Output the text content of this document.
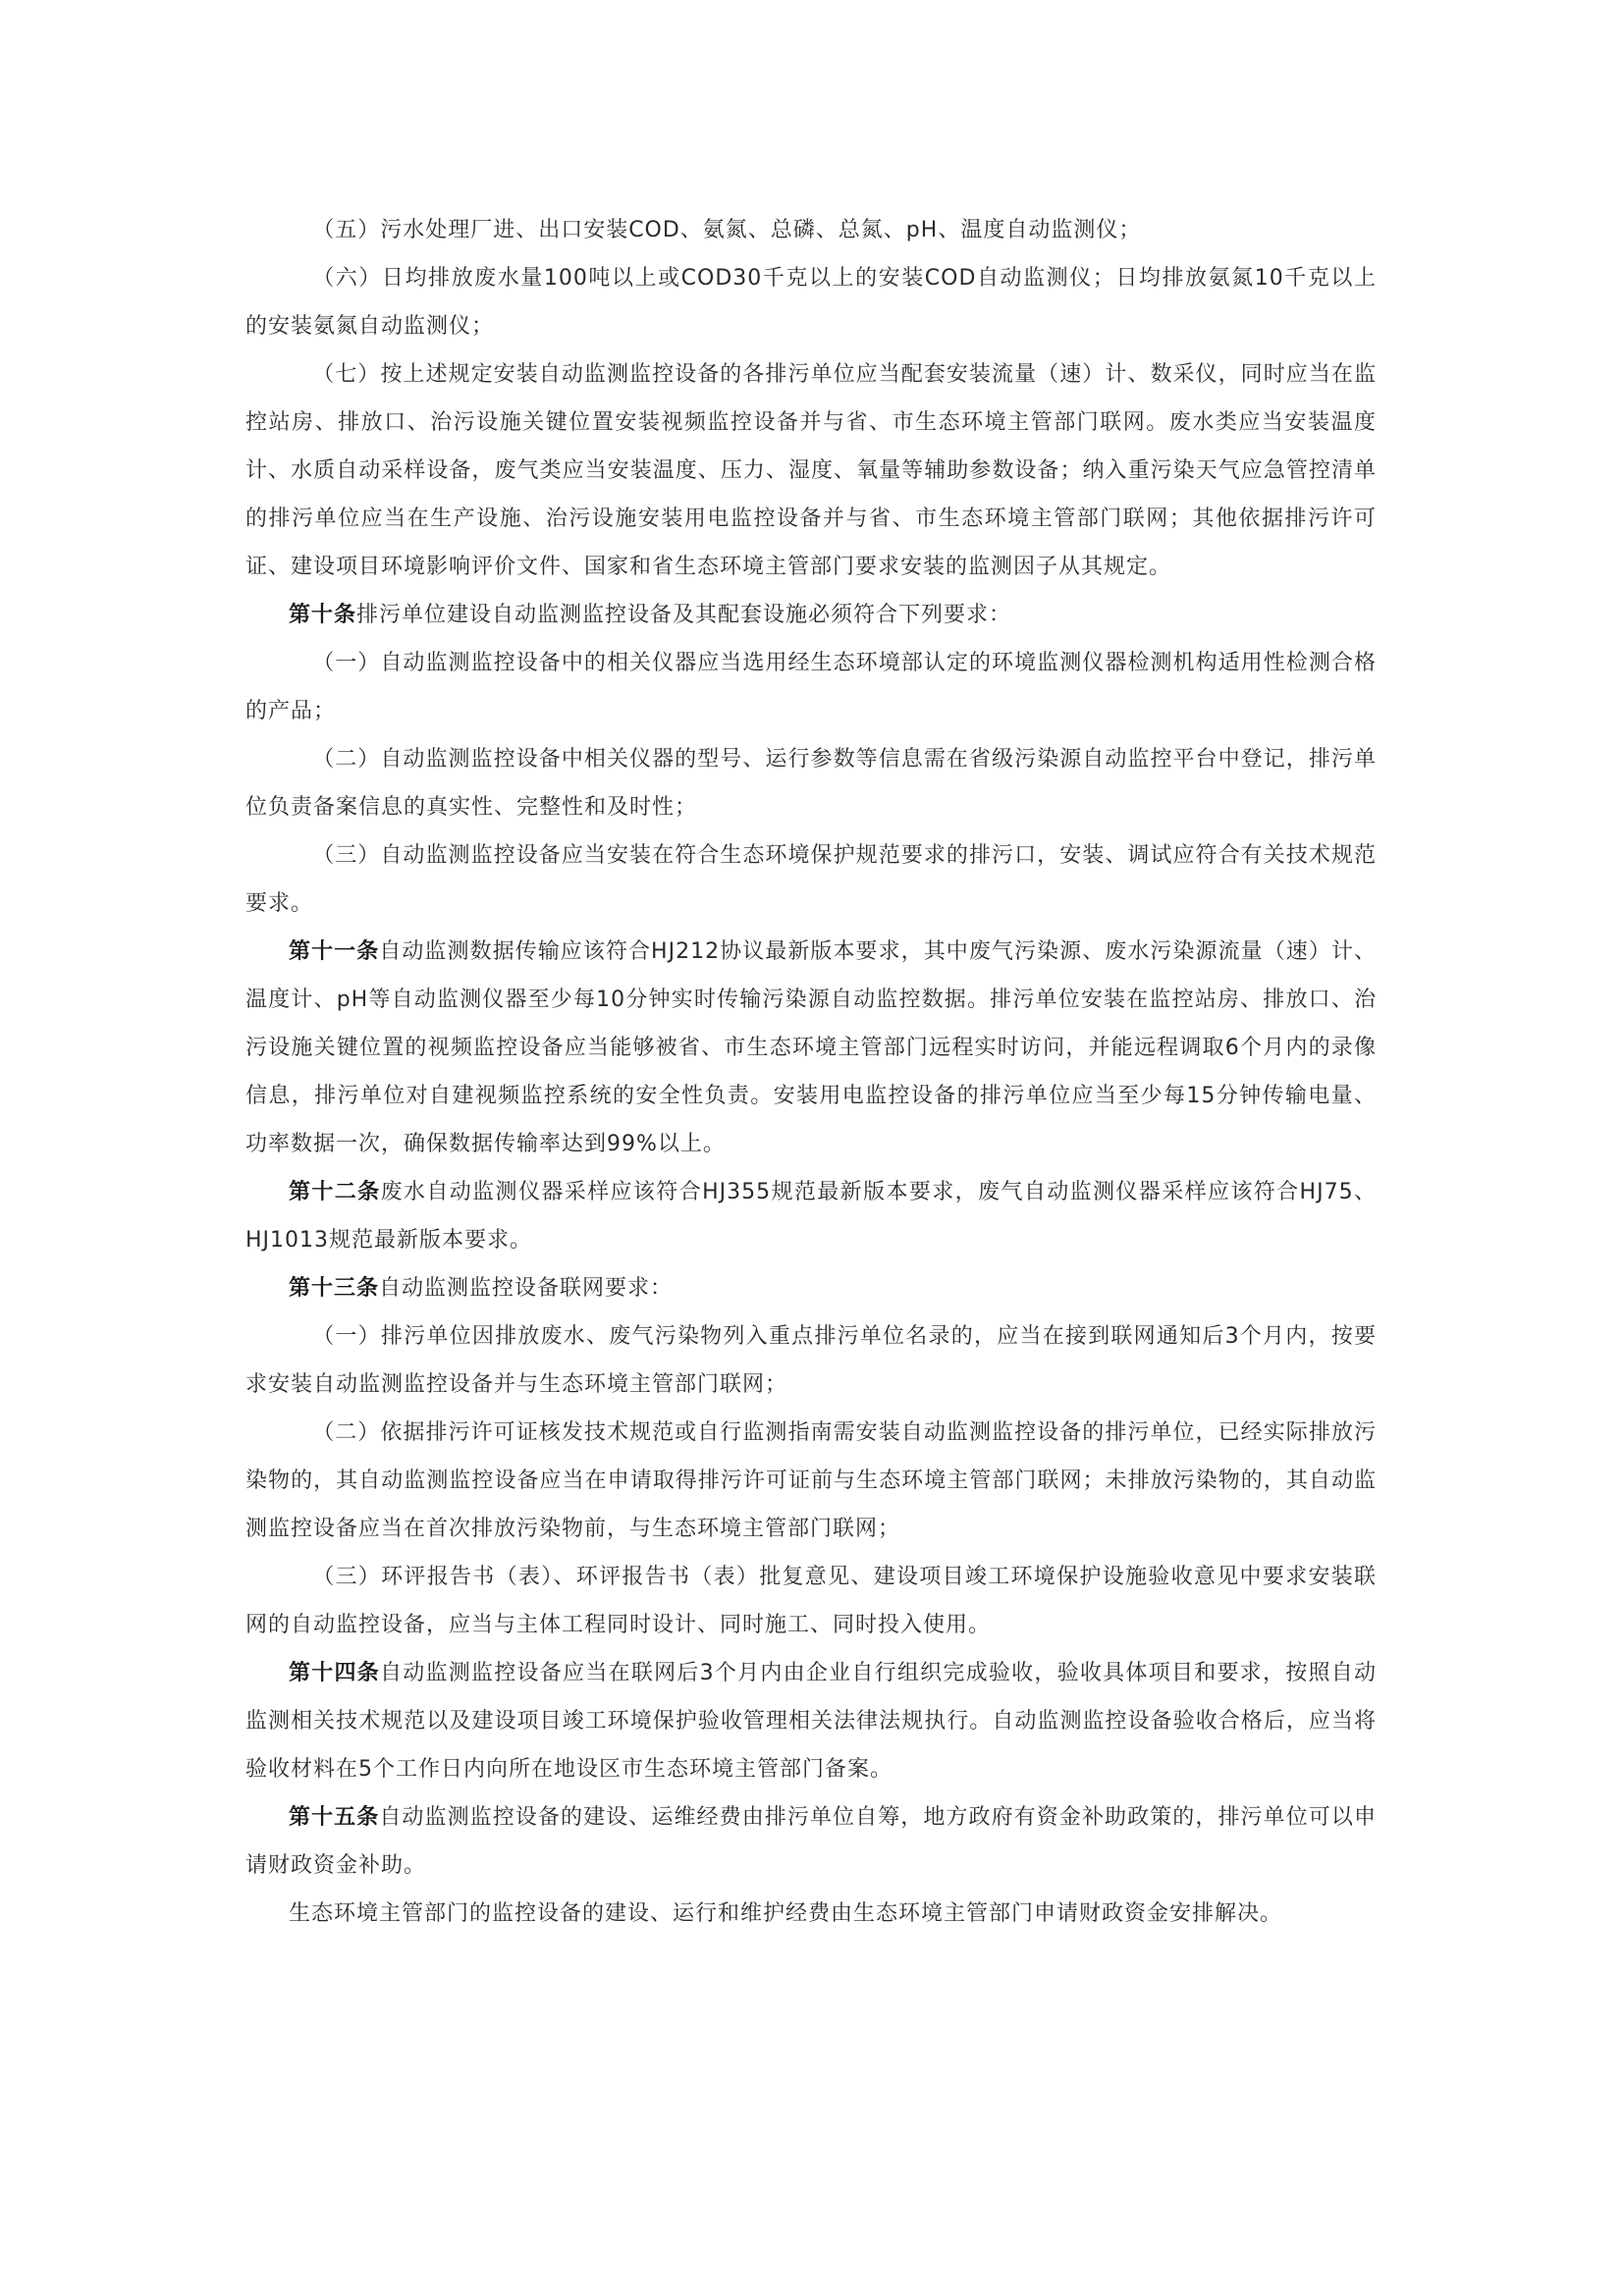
（五）污水处理厂进、出口安装COD、氨氮、总磷、总氮、pH、温度自动监测仪；

（六）日均排放废水量100吨以上或COD30千克以上的安装COD自动监测仪；日均排放氨氮10千克以上的安装氨氮自动监测仪；

（七）按上述规定安装自动监测监控设备的各排污单位应当配套安装流量（速）计、数采仪，同时应当在监控站房、排放口、治污设施关键位置安装视频监控设备并与省、市生态环境主管部门联网。废水类应当安装温度计、水质自动采样设备，废气类应当安装温度、压力、湿度、氧量等辅助参数设备；纳入重污染天气应急管控清单的排污单位应当在生产设施、治污设施安装用电监控设备并与省、市生态环境主管部门联网；其他依据排污许可证、建设项目环境影响评价文件、国家和省生态环境主管部门要求安装的监测因子从其规定。

第十条排污单位建设自动监测监控设备及其配套设施必须符合下列要求：

（一）自动监测监控设备中的相关仪器应当选用经生态环境部认定的环境监测仪器检测机构适用性检测合格的产品；

（二）自动监测监控设备中相关仪器的型号、运行参数等信息需在省级污染源自动监控平台中登记，排污单位负责备案信息的真实性、完整性和及时性；

（三）自动监测监控设备应当安装在符合生态环境保护规范要求的排污口，安装、调试应符合有关技术规范要求。

第十一条自动监测数据传输应该符合HJ212协议最新版本要求，其中废气污染源、废水污染源流量（速）计、温度计、pH等自动监测仪器至少每10分钟实时传输污染源自动监控数据。排污单位安装在监控站房、排放口、治污设施关键位置的视频监控设备应当能够被省、市生态环境主管部门远程实时访问，并能远程调取6个月内的录像信息，排污单位对自建视频监控系统的安全性负责。安装用电监控设备的排污单位应当至少每15分钟传输电量、功率数据一次，确保数据传输率达到99%以上。

第十二条废水自动监测仪器采样应该符合HJ355规范最新版本要求，废气自动监测仪器采样应该符合HJ75、HJ1013规范最新版本要求。

第十三条自动监测监控设备联网要求：

（一）排污单位因排放废水、废气污染物列入重点排污单位名录的，应当在接到联网通知后3个月内，按要求安装自动监测监控设备并与生态环境主管部门联网；

（二）依据排污许可证核发技术规范或自行监测指南需安装自动监测监控设备的排污单位，已经实际排放污染物的，其自动监测监控设备应当在申请取得排污许可证前与生态环境主管部门联网；未排放污染物的，其自动监测监控设备应当在首次排放污染物前，与生态环境主管部门联网；

（三）环评报告书（表）、环评报告书（表）批复意见、建设项目竣工环境保护设施验收意见中要求安装联网的自动监控设备，应当与主体工程同时设计、同时施工、同时投入使用。

第十四条自动监测监控设备应当在联网后3个月内由企业自行组织完成验收，验收具体项目和要求，按照自动监测相关技术规范以及建设项目竣工环境保护验收管理相关法律法规执行。自动监测监控设备验收合格后，应当将验收材料在5个工作日内向所在地设区市生态环境主管部门备案。

第十五条自动监测监控设备的建设、运维经费由排污单位自筹，地方政府有资金补助政策的，排污单位可以申请财政资金补助。

生态环境主管部门的监控设备的建设、运行和维护经费由生态环境主管部门申请财政资金安排解决。
